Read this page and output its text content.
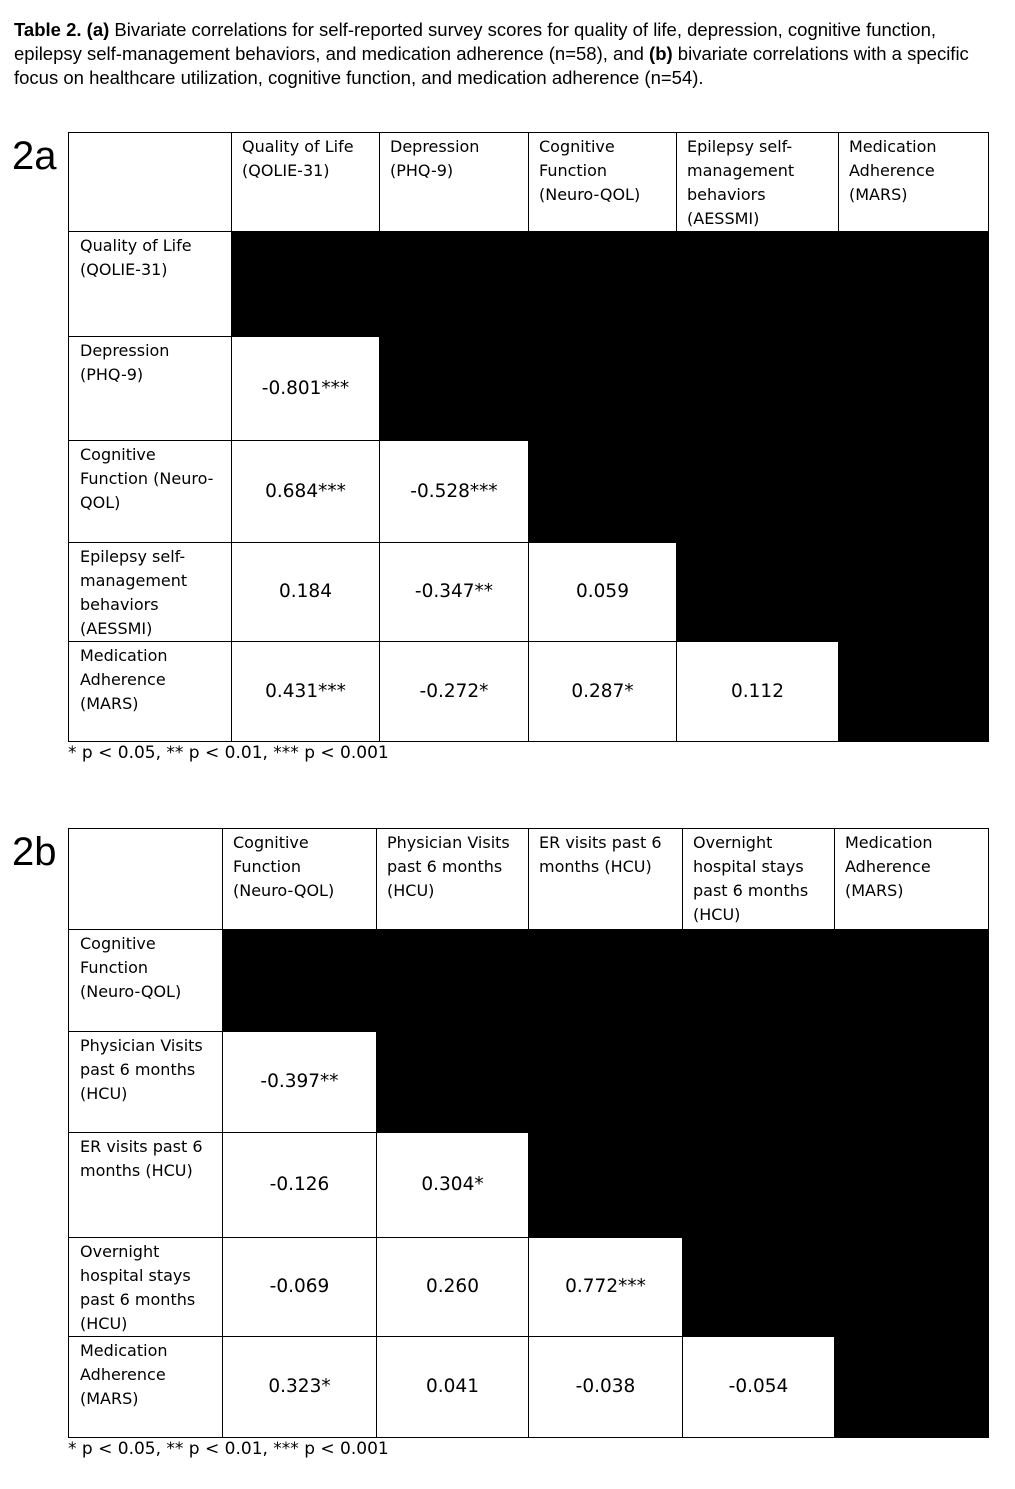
Table 2. (a) Bivariate correlations for self-reported survey scores for quality of life, depression, cognitive function, epilepsy self-management behaviors, and medication adherence (n=58), and (b) bivariate correlations with a specific focus on healthcare utilization, cognitive function, and medication adherence (n=54).
2a
		Quality of Life (QOLIE-31)	Depression (PHQ-9)	Cognitive Function (Neuro-QOL)	Epilepsy self-management behaviors (AESSMI)	Medication Adherence (MARS)
Quality of Life (QOLIE-31)					
Depression (PHQ-9)	-0.801***				
Cognitive Function (Neuro-QOL)	0.684***	-0.528***			
Epilepsy self-management behaviors (AESSMI)	0.184	-0.347**	0.059		
Medication Adherence (MARS)	0.431***	-0.272*	0.287*	0.112	
* p < 0.05, ** p < 0.01, *** p < 0.001
2b
		Cognitive Function (Neuro-QOL)	Physician Visits past 6 months (HCU)	ER visits past 6 months (HCU)	Overnight hospital stays past 6 months (HCU)	Medication Adherence (MARS)
Cognitive Function (Neuro-QOL)					
Physician Visits past 6 months (HCU)	-0.397**				
ER visits past 6 months (HCU)	-0.126	0.304*			
Overnight hospital stays past 6 months (HCU)	-0.069	0.260	0.772***		
Medication Adherence (MARS)	0.323*	0.041	-0.038	-0.054	
* p < 0.05, ** p < 0.01, *** p < 0.001
